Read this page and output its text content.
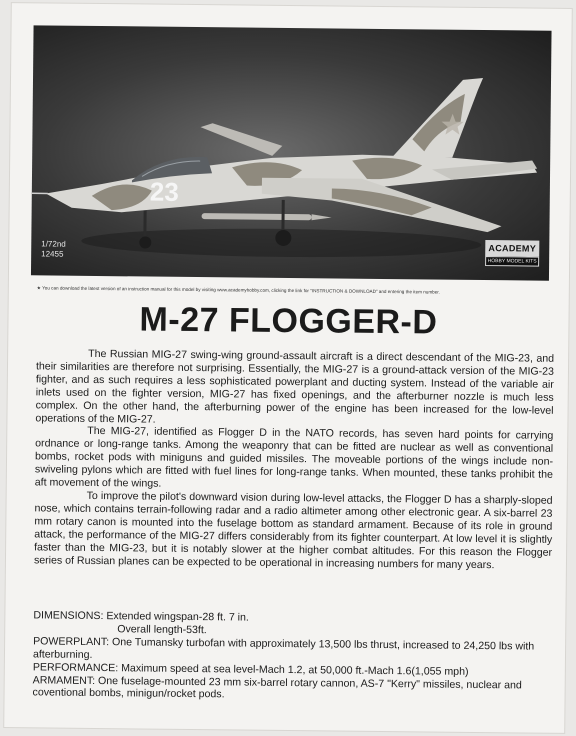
23
1/72nd
12455
ACADEMY
HOBBY MODEL KITS
★ You can download the latest version of an instruction manual for this model by visiting www.academyhobby.com, clicking the link for "INSTRUCTION & DOWNLOAD" and entering the item number.
M-27 FLOGGER-D

The Russian MIG-27 swing-wing ground-assault aircraft is a direct descendant of the MIG-23, and their similarities are therefore not surprising. Essentially, the MIG-27 is a ground-attack version of the MIG-23 fighter, and as such requires a less sophisticated powerplant and ducting system. Instead of the variable air inlets used on the fighter version, MIG-27 has fixed openings, and the afterburner nozzle is much less complex. On the other hand, the afterburning power of the engine has been increased for the low-level operations of the MIG-27.

The MIG-27, identified as Flogger D in the NATO records, has seven hard points for carrying ordnance or long-range tanks. Among the weaponry that can be fitted are nuclear as well as conventional bombs, rocket pods with miniguns and guided missiles. The moveable portions of the wings include non-swiveling pylons which are fitted with fuel lines for long-range tanks. When mounted, these tanks prohibit the aft movement of the wings.

To improve the pilot's downward vision during low-level attacks, the Flogger D has a sharply-sloped nose, which contains terrain-following radar and a radio altimeter among other electronic gear. A six-barrel 23 mm rotary canon is mounted into the fuselage bottom as standard armament. Because of its role in ground attack, the performance of the MIG-27 differs considerably from its fighter counterpart. At low level it is slightly faster than the MIG-23, but it is notably slower at the higher combat altitudes. For this reason the Flogger series of Russian planes can be expected to be operational in increasing numbers for many years.

DIMENSIONS: Extended wingspan-28 ft. 7 in.
Overall length-53ft.
POWERPLANT: One Tumansky turbofan with approximately 13,500 lbs thrust, increased to 24,250 lbs with afterburning.
PERFORMANCE: Maximum speed at sea level-Mach 1.2, at 50,000 ft.-Mach 1.6(1,055 mph)
ARMAMENT: One fuselage-mounted 23 mm six-barrel rotary cannon, AS-7 "Kerry" missiles, nuclear and coventional bombs, minigun/rocket pods.
